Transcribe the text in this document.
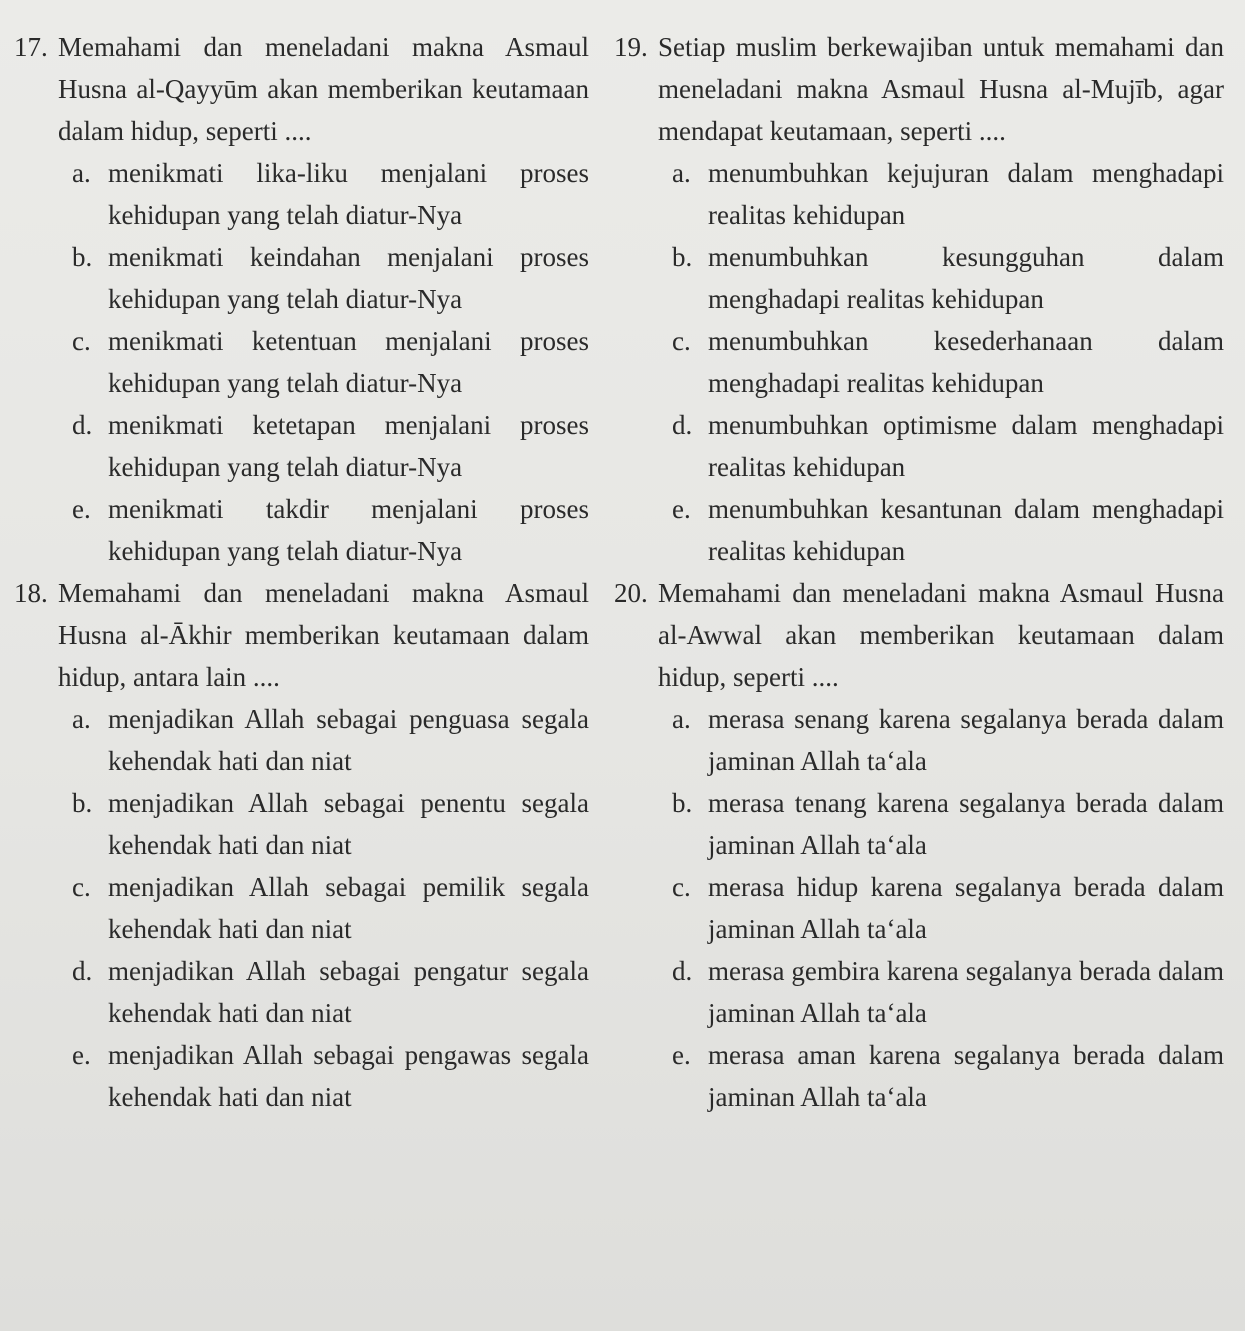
17. Memahami dan meneladani makna Asmaul Husna al-Qayyūm akan memberikan keutamaan dalam hidup, seperti ....
a. menikmati lika-liku menjalani proses kehidupan yang telah diatur-Nya
b. menikmati keindahan menjalani proses kehidupan yang telah diatur-Nya
c. menikmati ketentuan menjalani proses kehidupan yang telah diatur-Nya
d. menikmati ketetapan menjalani proses kehidupan yang telah diatur-Nya
e. menikmati takdir menjalani proses kehidupan yang telah diatur-Nya
18. Memahami dan meneladani makna Asmaul Husna al-Ākhir memberikan keutamaan dalam hidup, antara lain ....
a. menjadikan Allah sebagai penguasa segala kehendak hati dan niat
b. menjadikan Allah sebagai penentu segala kehendak hati dan niat
c. menjadikan Allah sebagai pemilik segala kehendak hati dan niat
d. menjadikan Allah sebagai pengatur segala kehendak hati dan niat
e. menjadikan Allah sebagai pengawas segala kehendak hati dan niat
19. Setiap muslim berkewajiban untuk memahami dan meneladani makna Asmaul Husna al-Mujīb, agar mendapat keutamaan, seperti ....
a. menumbuhkan kejujuran dalam menghadapi realitas kehidupan
b. menumbuhkan kesungguhan dalam menghadapi realitas kehidupan
c. menumbuhkan kesederhanaan dalam menghadapi realitas kehidupan
d. menumbuhkan optimisme dalam menghadapi realitas kehidupan
e. menumbuhkan kesantunan dalam menghadapi realitas kehidupan
20. Memahami dan meneladani makna Asmaul Husna al-Awwal akan memberikan keutamaan dalam hidup, seperti ....
a. merasa senang karena segalanya berada dalam jaminan Allah ta‘ala
b. merasa tenang karena segalanya berada dalam jaminan Allah ta‘ala
c. merasa hidup karena segalanya berada dalam jaminan Allah ta‘ala
d. merasa gembira karena segalanya berada dalam jaminan Allah ta‘ala
e. merasa aman karena segalanya berada dalam jaminan Allah ta‘ala
